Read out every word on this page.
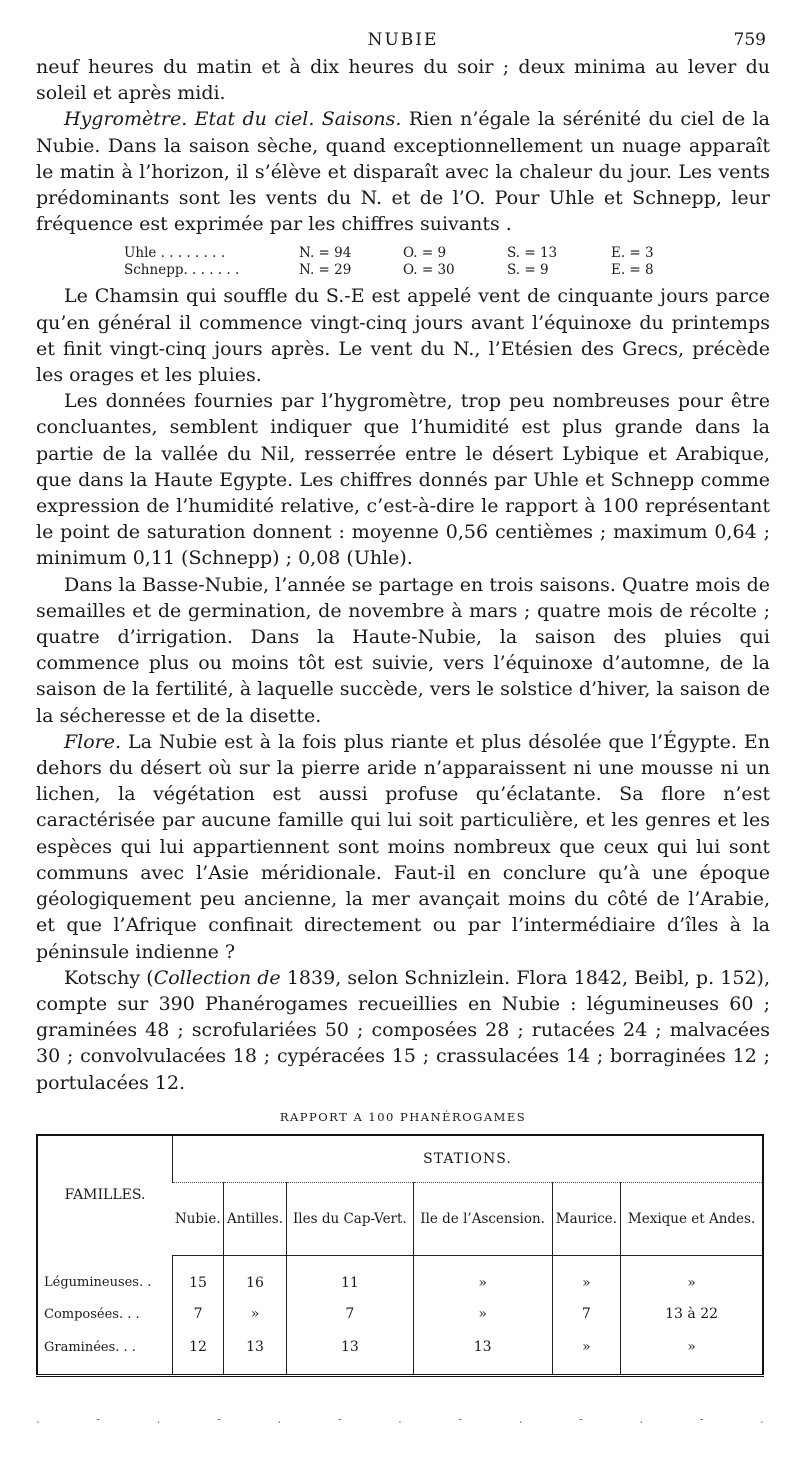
NUBIE	759

neuf heures du matin et à dix heures du soir ; deux minima au lever du soleil et après midi.

Hygromètre. Etat du ciel. Saisons. Rien n’égale la sérénité du ciel de la Nubie. Dans la saison sèche, quand exceptionnellement un nuage apparaît le matin à l’horizon, il s’élève et disparaît avec la chaleur du jour. Les vents prédominants sont les vents du N. et de l’O. Pour Uhle et Schnepp, leur fréquence est exprimée par les chiffres suivants .

Uhle . . . . . . . .	N. = 94	O. = 9	S. = 13	E. = 3
Schnepp. . . . . . .	N. = 29	O. = 30	S. = 9	E. = 8

Le Chamsin qui souffle du S.-E est appelé vent de cinquante jours parce qu’en général il commence vingt-cinq jours avant l’équinoxe du printemps et finit vingt-cinq jours après. Le vent du N., l’Etésien des Grecs, précède les orages et les pluies.

Les données fournies par l’hygromètre, trop peu nombreuses pour être concluantes, semblent indiquer que l’humidité est plus grande dans la partie de la vallée du Nil, resserrée entre le désert Lybique et Arabique, que dans la Haute Egypte. Les chiffres donnés par Uhle et Schnepp comme expression de l’humidité relative, c’est-à-dire le rapport à 100 représentant le point de saturation donnent : moyenne 0,56 centièmes ; maximum 0,64 ; minimum 0,11 (Schnepp) ; 0,08 (Uhle).

Dans la Basse-Nubie, l’année se partage en trois saisons. Quatre mois de semailles et de germination, de novembre à mars ; quatre mois de récolte ; quatre d’irrigation. Dans la Haute-Nubie, la saison des pluies qui commence plus ou moins tôt est suivie, vers l’équinoxe d’automne, de la saison de la fertilité, à laquelle succède, vers le solstice d’hiver, la saison de la sécheresse et de la disette.

Flore. La Nubie est à la fois plus riante et plus désolée que l’Égypte. En dehors du désert où sur la pierre aride n’apparaissent ni une mousse ni un lichen, la végétation est aussi profuse qu’éclatante. Sa flore n’est caractérisée par aucune famille qui lui soit particulière, et les genres et les espèces qui lui appartiennent sont moins nombreux que ceux qui lui sont communs avec l’Asie méridionale. Faut-il en conclure qu’à une époque géologiquement peu ancienne, la mer avançait moins du côté de l’Arabie, et que l’Afrique confinait directement ou par l’intermédiaire d’îles à la péninsule indienne ?

Kotschy (Collection de 1839, selon Schnizlein. Flora 1842, Beibl, p. 152), compte sur 390 Phanérogames recueillies en Nubie : légumineuses 60 ; graminées 48 ; scrofulariées 50 ; composées 28 ; rutacées 24 ; malvacées 30 ; convolvulacées 18 ; cypéracées 15 ; crassulacées 14 ; borraginées 12 ; portulacées 12.

RAPPORT A 100 PHANÉROGAMES
FAMILLES.	STATIONS.					
	Nubie.	Antilles.	Iles du Cap-Vert.	Ile de l’Ascension.	Maurice.	Mexique et Andes.
Légumineuses. .	15	16	11	»	»	»
Composées. . .	7	»	7	»	7	13 à 22
Graminées. . .	12	13	13	13	»	»
.	-	.	-	.	-	.	-	.	-	.	-	.
